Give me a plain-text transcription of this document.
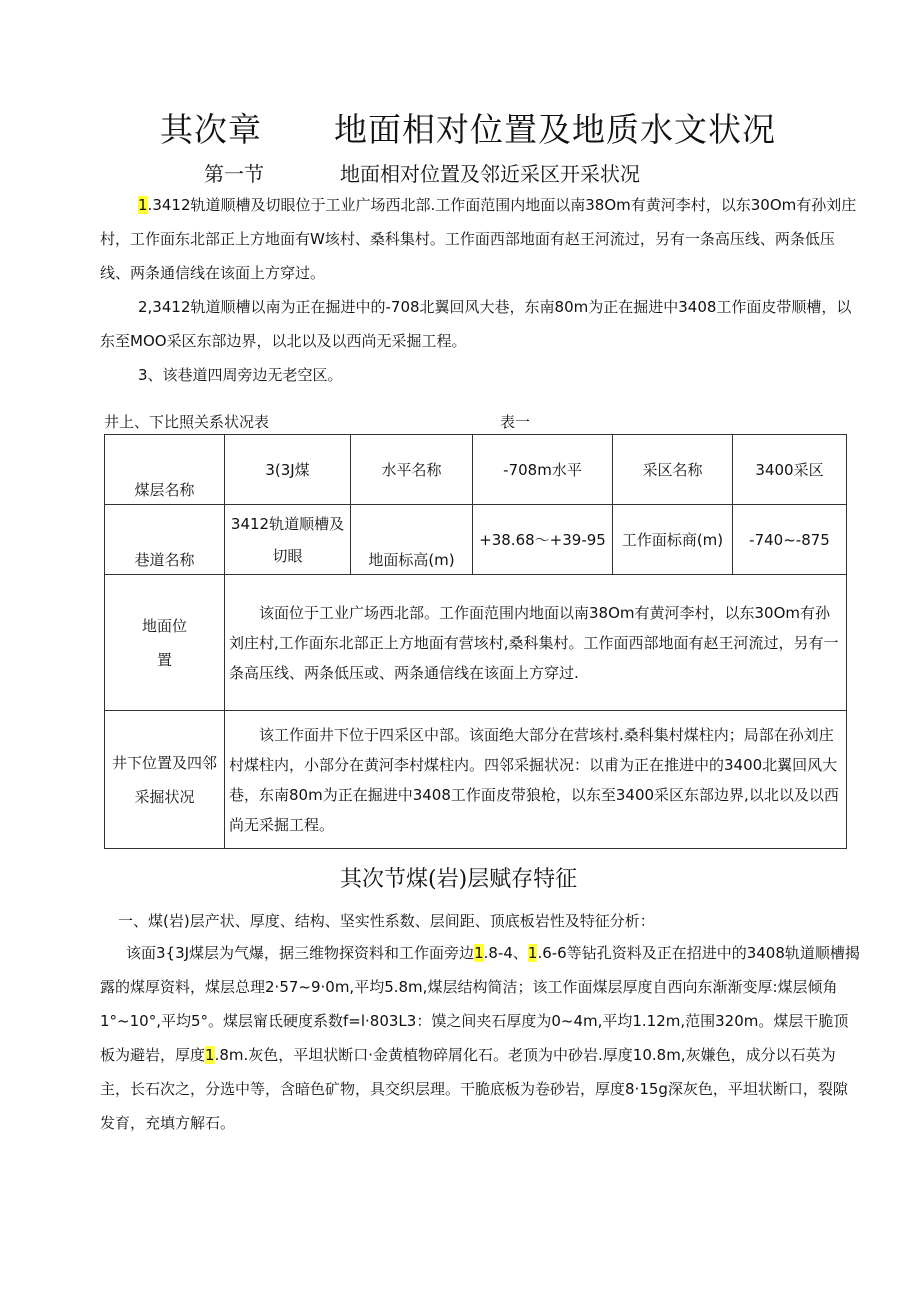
其次章 地面相对位置及地质水文状况
第一节	地面相对位置及邻近采区开采状况
1.3412轨道顺槽及切眼位于工业广场西北部.工作面范围内地面以南38Om有黄河李村，以东30Om有孙刘庄村，工作面东北部正上方地面有W垓村、桑科集村。工作面西部地面有赵王河流过，另有一条高压线、两条低压线、两条通信线在该面上方穿过。
2,3412轨道顺槽以南为正在掘进中的-708北翼回风大巷，东南80m为正在掘进中3408工作面皮带顺槽，以东至MOO采区东部边界，以北以及以西尚无采掘工程。
3、该巷道四周旁边无老空区。
井上、下比照关系状况表	表一
煤层名称	3(3J煤	水平名称	-708m水平	采区名称	3400采区
巷道名称	3412轨道顺槽及切眼	地面标高(m)	+38.68～+39-95	工作面标商(m)	-740~-875
地面位置	该面位于工业广场西北部。工作面范围内地面以南38Om有黄河李村，以东30Om有孙刘庄村,工作面东北部正上方地面有营垓村,桑科集村。工作面西部地面有赵王河流过，另有一条高压线、两条低压或、两条通信线在该面上方穿过.				
井下位置及四邻采掘状况	该工作面井下位于四采区中部。该面绝大部分在营垓村.桑科集村煤柱内；局部在孙刘庄村煤柱内，小部分在黄河李村煤柱内。四邻采掘状况：以甫为正在推进中的3400北翼回风大巷，东南80m为正在掘进中3408工作面皮带狼枪，以东至3400采区东部边界,以北以及以西尚无采掘工程。				
其次节煤(岩)层赋存特征
一、煤(岩)层产状、厚度、结构、坚实性系数、层间距、顶底板岩性及特征分析：
该面3{3J煤层为气爆，据三维物探资料和工作面旁边1.8-4、1.6-6等钻孔资料及正在招进中的3408轨道顺槽揭露的煤厚资料，煤层总理2·57~9·0m,平均5.8m,煤层结构简洁；该工作面煤层厚度自西向东渐渐变厚:煤层倾角1°~10°,平均5°。煤层甯氐硬度系数f=l·803L3：馍之间夹石厚度为0~4m,平均1.12m,范围320m。煤层干脆顶板为避岩，厚度1.8m.灰色，平坦状断口·金黄植物碎屑化石。老顶为中砂岩.厚度10.8m,灰嫌色，成分以石英为主，长石次之，分选中等，含暗色矿物，具交织层理。干脆底板为卷砂岩，厚度8·15g深灰色，平坦状断口，裂隙发育，充填方解石。
